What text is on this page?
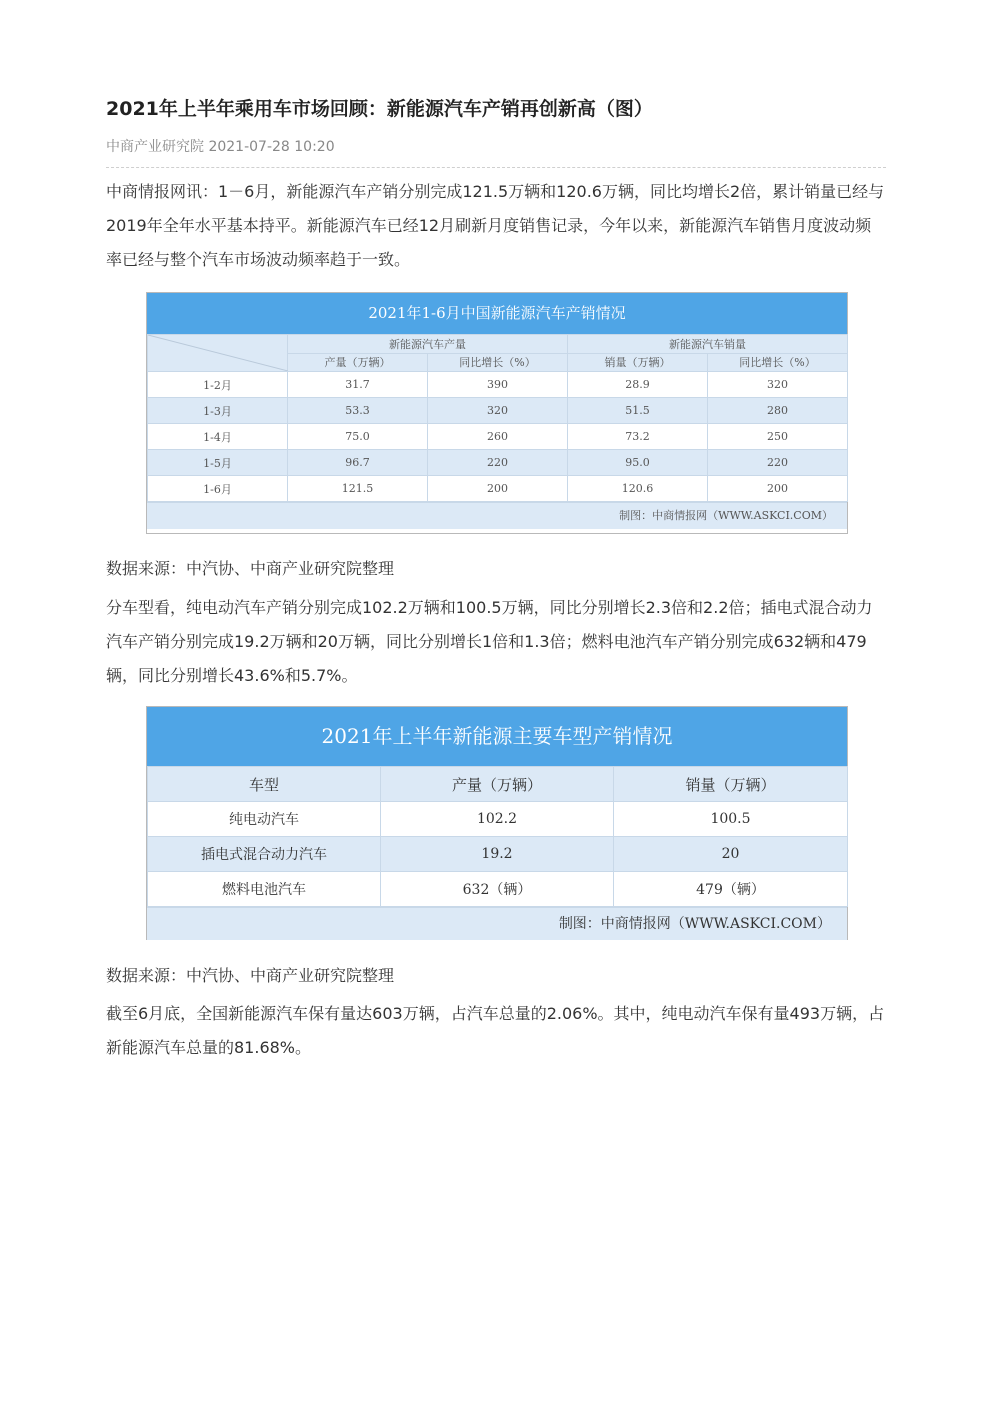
2021年上半年乘用车市场回顾：新能源汽车产销再创新高（图）
中商产业研究院 2021-07-28 10:20
中商情报网讯：1－6月，新能源汽车产销分别完成121.5万辆和120.6万辆，同比均增长2倍，累计销量已经与2019年全年水平基本持平。新能源汽车已经12月刷新月度销售记录，今年以来，新能源汽车销售月度波动频率已经与整个汽车市场波动频率趋于一致。
2021年1-6月中国新能源汽车产销情况
	新能源汽车产量		新能源汽车销量	
	产量（万辆）	同比增长（%）	销量（万辆）	同比增长（%）
1-2月	31.7	390	28.9	320
1-3月	53.3	320	51.5	280
1-4月	75.0	260	73.2	250
1-5月	96.7	220	95.0	220
1-6月	121.5	200	120.6	200
制图：中商情报网（WWW.ASKCI.COM）
数据来源：中汽协、中商产业研究院整理
分车型看，纯电动汽车产销分别完成102.2万辆和100.5万辆，同比分别增长2.3倍和2.2倍；插电式混合动力汽车产销分别完成19.2万辆和20万辆，同比分别增长1倍和1.3倍；燃料电池汽车产销分别完成632辆和479辆，同比分别增长43.6%和5.7%。
2021年上半年新能源主要车型产销情况
车型	产量（万辆）	销量（万辆）
纯电动汽车	102.2	100.5
插电式混合动力汽车	19.2	20
燃料电池汽车	632（辆）	479（辆）
制图：中商情报网（WWW.ASKCI.COM）
数据来源：中汽协、中商产业研究院整理
截至6月底，全国新能源汽车保有量达603万辆，占汽车总量的2.06%。其中，纯电动汽车保有量493万辆，占新能源汽车总量的81.68%。
